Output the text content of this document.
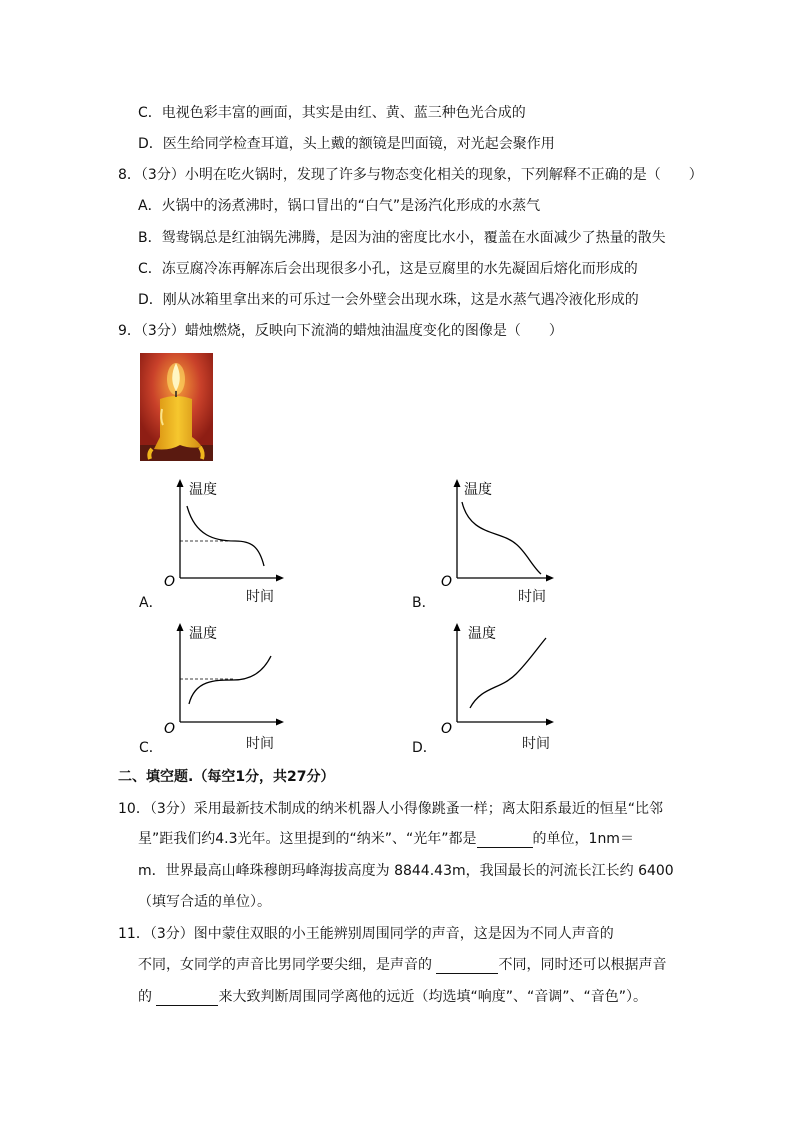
C．电视色彩丰富的画面，其实是由红、黄、蓝三种色光合成的
D．医生给同学检查耳道，头上戴的额镜是凹面镜，对光起会聚作用
8．（3分）小明在吃火锅时，发现了许多与物态变化相关的现象，下列解释不正确的是（　　）
A．火锅中的汤煮沸时，锅口冒出的“白气”是汤汽化形成的水蒸气
B．鸳鸯锅总是红油锅先沸腾，是因为油的密度比水小，覆盖在水面减少了热量的散失
C．冻豆腐冷冻再解冻后会出现很多小孔，这是豆腐里的水先凝固后熔化而形成的
D．刚从冰箱里拿出来的可乐过一会外壁会出现水珠，这是水蒸气遇冷液化形成的
9．（3分）蜡烛燃烧，反映向下流淌的蜡烛油温度变化的图像是（　　）
温度
O
时间
A．
温度
O
时间
B．
温度
O
时间
C．
温度
O
时间
D．
二、填空题.（每空1分，共27分）
10．（3分）采用最新技术制成的纳米机器人小得像跳蚤一样；离太阳系最近的恒星“比邻
星”距我们约4.3光年。这里提到的“纳米”、“光年”都是	的单位，1nm＝
m．世界最高山峰珠穆朗玛峰海拔高度为 8844.43m，我国最长的河流长江长约 6400
（填写合适的单位）。
11．（3分）图中蒙住双眼的小王能辨别周围同学的声音，这是因为不同人声音的
不同，女同学的声音比男同学要尖细，是声音的	不同，同时还可以根据声音
的	来大致判断周围同学离他的远近（均选填“响度”、“音调”、“音色”）。
